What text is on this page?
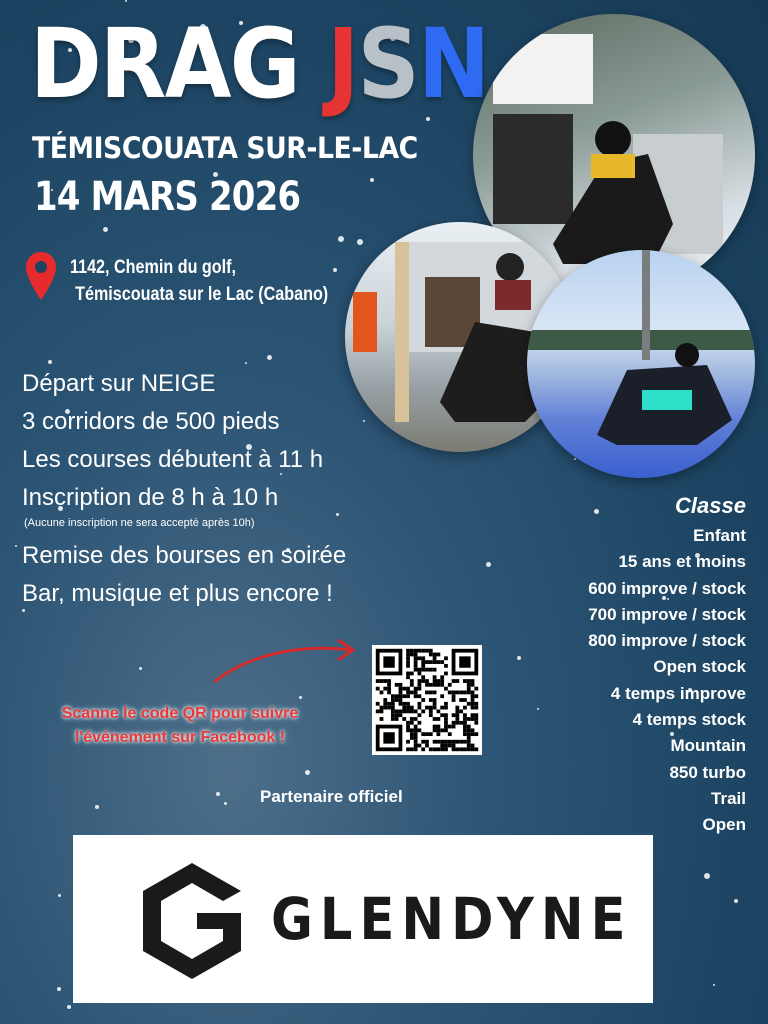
DRAG JSN
TÉMISCOUATA SUR-LE-LAC
14 MARS 2026
1142, Chemin du golf,
Témiscouata sur le Lac (Cabano)
Départ sur NEIGE
3 corridors de 500 pieds
Les courses débutent à 11 h
Inscription de 8 h à 10 h
(Aucune inscription ne sera accepté après 10h)
Remise des bourses en soirée
Bar, musique et plus encore !
Classe
Enfant
15 ans et moins
600 improve / stock
700 improve / stock
800 improve / stock
Open stock
4 temps improve
4 temps stock
Mountain
850 turbo
Trail
Open
Scanne le code QR pour suivre
l'événement sur Facebook !
Partenaire officiel
GLENDYNE
